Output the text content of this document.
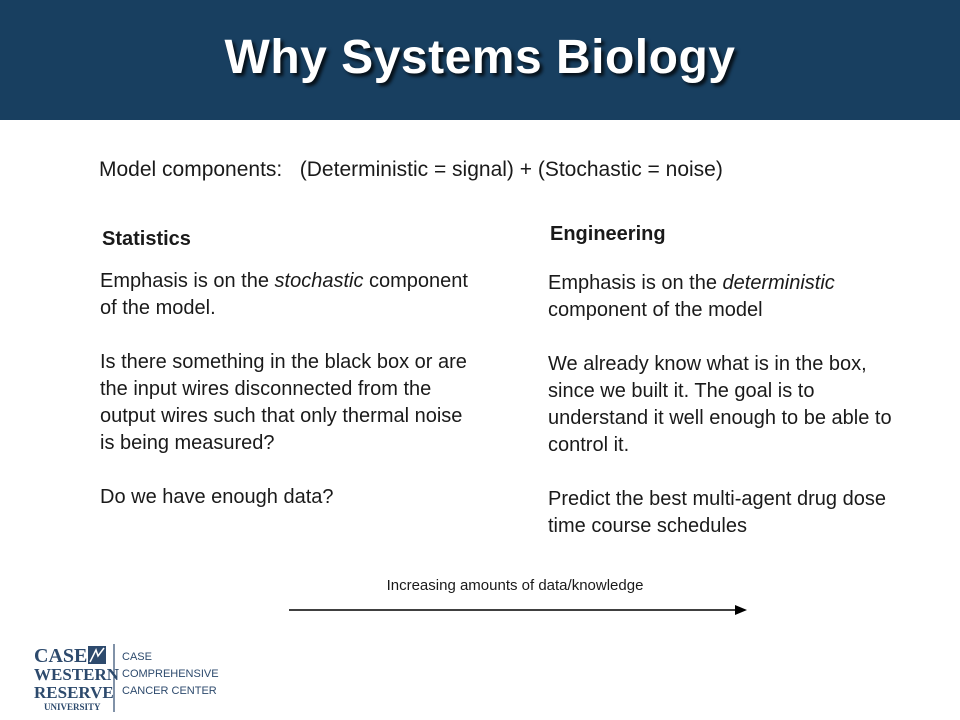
Why Systems Biology
Model components:   (Deterministic = signal) + (Stochastic = noise)
Statistics

Emphasis is on the stochastic component of the model.

Is there something in the black box or are the input wires disconnected from the output wires such that only thermal noise is being measured?

Do we have enough data?

Engineering

Emphasis is on the deterministic component of the model

We already know what is in the box, since we built it. The goal is to understand it well enough to be able to control it.

Predict the best multi-agent drug dose time course schedules

Increasing amounts of data/knowledge
CASE
WESTERN
RESERVE
UNIVERSITY
CASE
COMPREHENSIVE
CANCER CENTER
